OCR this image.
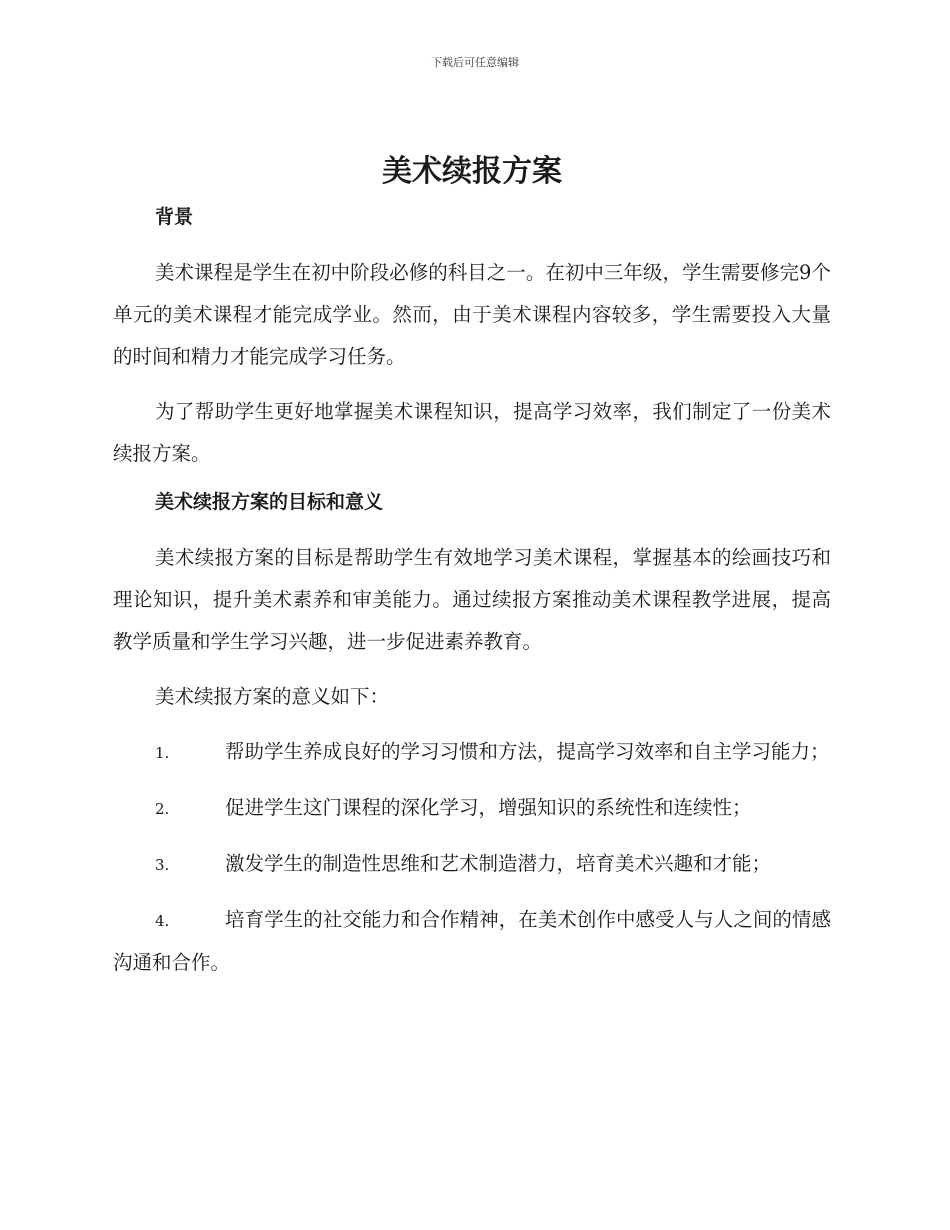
下载后可任意编辑
美术续报方案
背景

美术课程是学生在初中阶段必修的科目之一。在初中三年级，学生需要修完9个单元的美术课程才能完成学业。然而，由于美术课程内容较多，学生需要投入大量的时间和精力才能完成学习任务。

为了帮助学生更好地掌握美术课程知识，提高学习效率，我们制定了一份美术续报方案。

美术续报方案的目标和意义

美术续报方案的目标是帮助学生有效地学习美术课程，掌握基本的绘画技巧和理论知识，提升美术素养和审美能力。通过续报方案推动美术课程教学进展，提高教学质量和学生学习兴趣，进一步促进素养教育。

美术续报方案的意义如下：

1.	帮助学生养成良好的学习习惯和方法，提高学习效率和自主学习能力；
2.	促进学生这门课程的深化学习，增强知识的系统性和连续性；
3.	激发学生的制造性思维和艺术制造潜力，培育美术兴趣和才能；
4.	培育学生的社交能力和合作精神，在美术创作中感受人与人之间的情感沟通和合作。
